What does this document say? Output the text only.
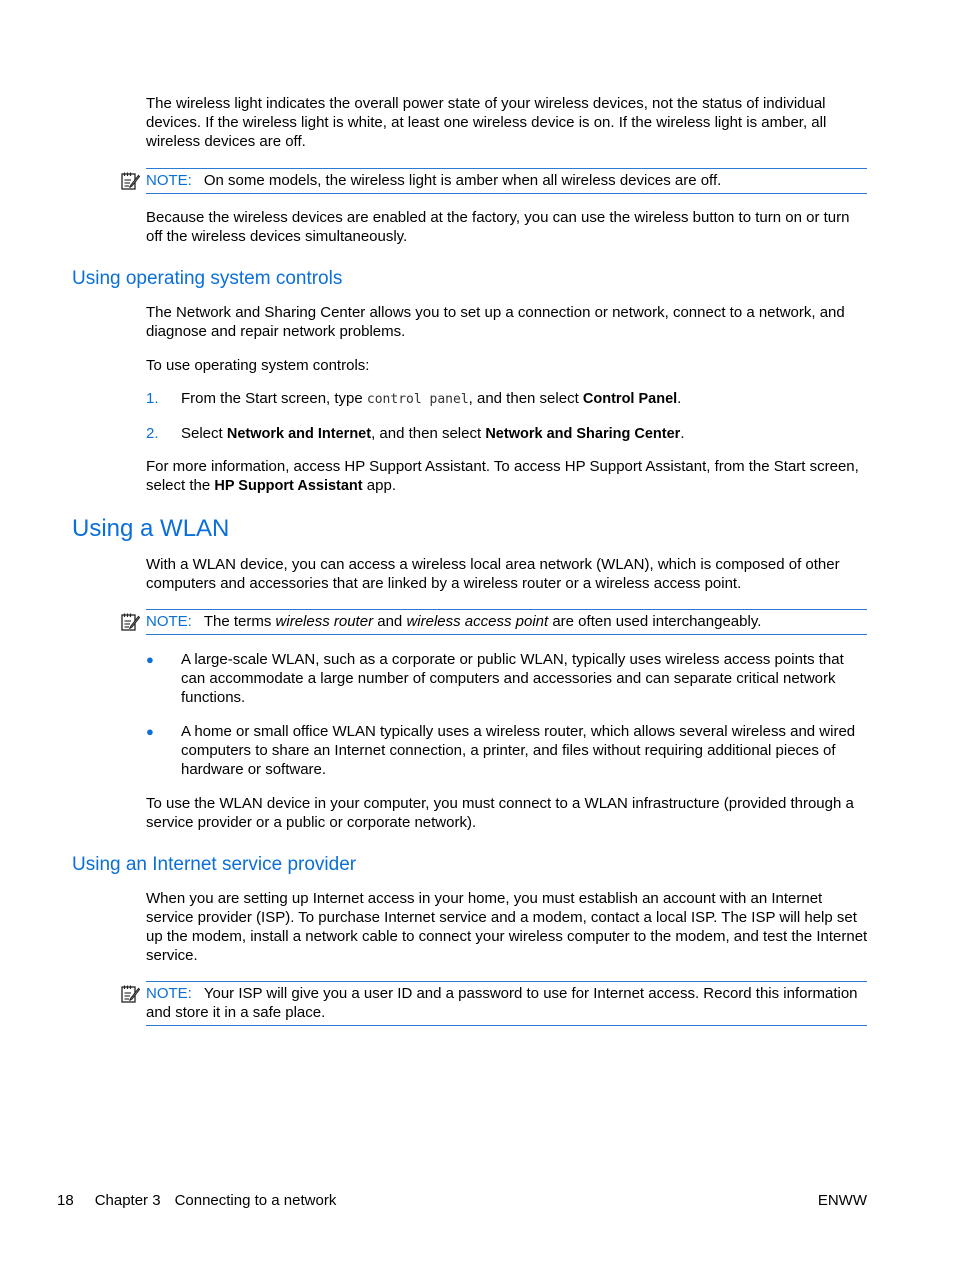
The wireless light indicates the overall power state of your wireless devices, not the status of individual devices. If the wireless light is white, at least one wireless device is on. If the wireless light is amber, all wireless devices are off.

NOTE: On some models, the wireless light is amber when all wireless devices are off.

Because the wireless devices are enabled at the factory, you can use the wireless button to turn on or turn off the wireless devices simultaneously.

Using operating system controls

The Network and Sharing Center allows you to set up a connection or network, connect to a network, and diagnose and repair network problems.

To use operating system controls:

1. From the Start screen, type control panel, and then select Control Panel.
2. Select Network and Internet, and then select Network and Sharing Center.

For more information, access HP Support Assistant. To access HP Support Assistant, from the Start screen, select the HP Support Assistant app.

Using a WLAN

With a WLAN device, you can access a wireless local area network (WLAN), which is composed of other computers and accessories that are linked by a wireless router or a wireless access point.

NOTE: The terms wireless router and wireless access point are often used interchangeably.
● A large-scale WLAN, such as a corporate or public WLAN, typically uses wireless access points that can accommodate a large number of computers and accessories and can separate critical network functions.
● A home or small office WLAN typically uses a wireless router, which allows several wireless and wired computers to share an Internet connection, a printer, and files without requiring additional pieces of hardware or software.

To use the WLAN device in your computer, you must connect to a WLAN infrastructure (provided through a service provider or a public or corporate network).

Using an Internet service provider

When you are setting up Internet access in your home, you must establish an account with an Internet service provider (ISP). To purchase Internet service and a modem, contact a local ISP. The ISP will help set up the modem, install a network cable to connect your wireless computer to the modem, and test the Internet service.

NOTE: Your ISP will give you a user ID and a password to use for Internet access. Record this information and store it in a safe place.
18 Chapter 3 Connecting to a network	ENWW
